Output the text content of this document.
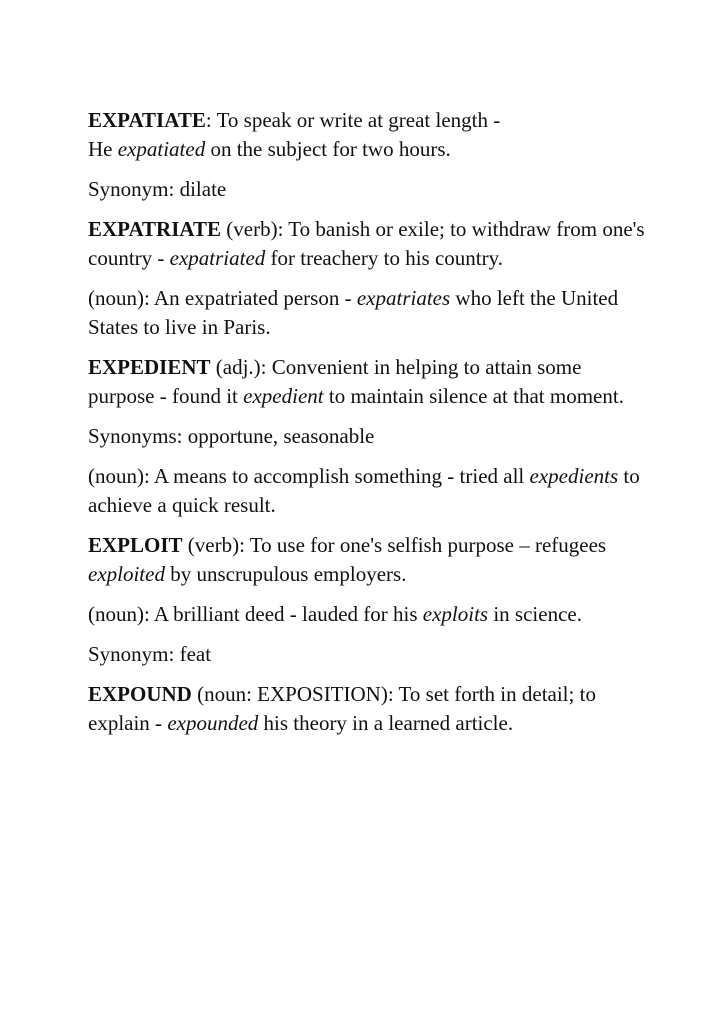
EXPATIATE: To speak or write at great length -
He expatiated on the subject for two hours.

Synonym: dilate

EXPATRIATE (verb): To banish or exile; to withdraw from one's country - expatriated for treachery to his country.

(noun): An expatriated person - expatriates who left the United States to live in Paris.

EXPEDIENT (adj.): Convenient in helping to attain some purpose - found it expedient to maintain silence at that moment.

Synonyms: opportune, seasonable

(noun): A means to accomplish something - tried all expedients to achieve a quick result.

EXPLOIT (verb): To use for one's selfish purpose – refugees exploited by unscrupulous employers.

(noun): A brilliant deed - lauded for his exploits in science.

Synonym: feat

EXPOUND (noun: EXPOSITION): To set forth in detail; to explain - expounded his theory in a learned article.
